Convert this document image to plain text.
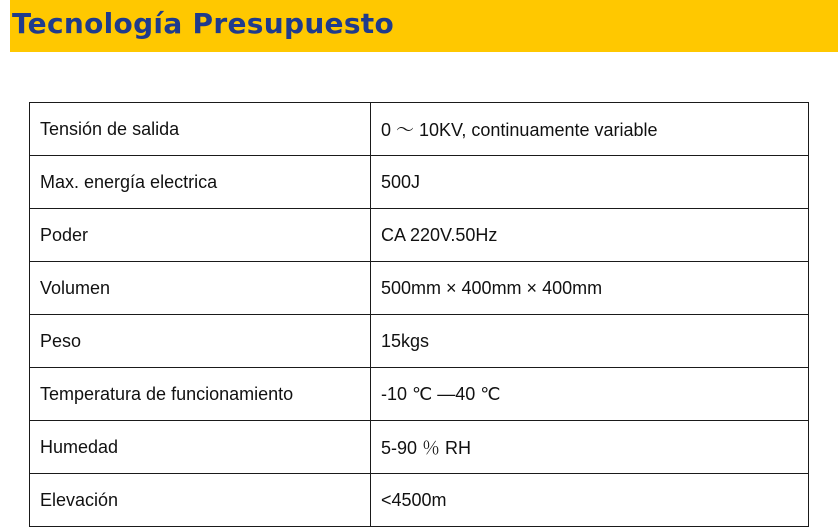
Tecnología Presupuesto
Tensión de salida	0 ～ 10KV, continuamente variable
Max. energía electrica	500J
Poder	CA 220V.50Hz
Volumen	500mm × 400mm × 400mm
Peso	15kgs
Temperatura de funcionamiento	-10 ℃ —40 ℃
Humedad	5-90 ％ RH
Elevación	<4500m
